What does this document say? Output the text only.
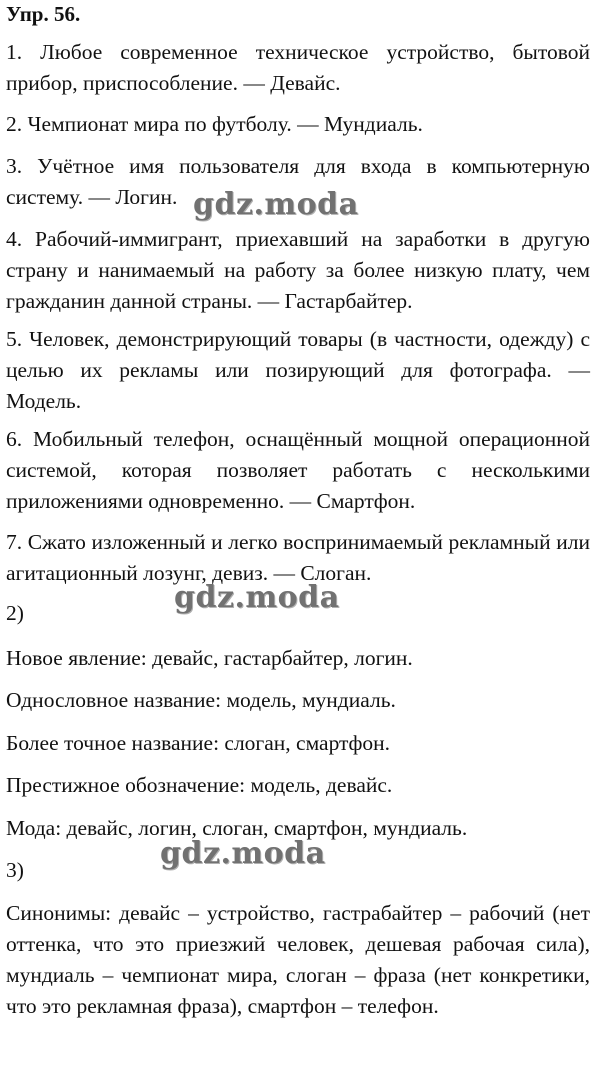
Упр. 56.
1. Любое современное техническое устройство, бытовой прибор, приспособление. — Девайс.
2. Чемпионат мира по футболу. — Мундиаль.
3. Учётное имя пользователя для входа в компьютерную систему. — Логин.
4. Рабочий-иммигрант, приехавший на заработки в другую страну и нанимаемый на работу за более низкую плату, чем гражданин данной страны. — Гастарбайтер.
5. Человек, демонстрирующий товары (в частности, одежду) с целью их рекламы или позирующий для фотографа. — Модель.
6. Мобильный телефон, оснащённый мощной операционной системой, которая позволяет работать с несколькими приложениями одновременно. — Смартфон.
7. Сжато изложенный и легко воспринимаемый рекламный или агитационный лозунг, девиз. — Слоган.
2)
Новое явление: девайс, гастарбайтер, логин.
Однословное название: модель, мундиаль.
Более точное название: слоган, смартфон.
Престижное обозначение: модель, девайс.
Мода: девайс, логин, слоган, смартфон, мундиаль.
3)
Синонимы: девайс – устройство, гастрабайтер – рабочий (нет оттенка, что это приезжий человек, дешевая рабочая сила), мундиаль – чемпионат мира, слоган – фраза (нет конкретики, что это рекламная фраза), смартфон – телефон.
gdz.moda
gdz.moda
gdz.moda
